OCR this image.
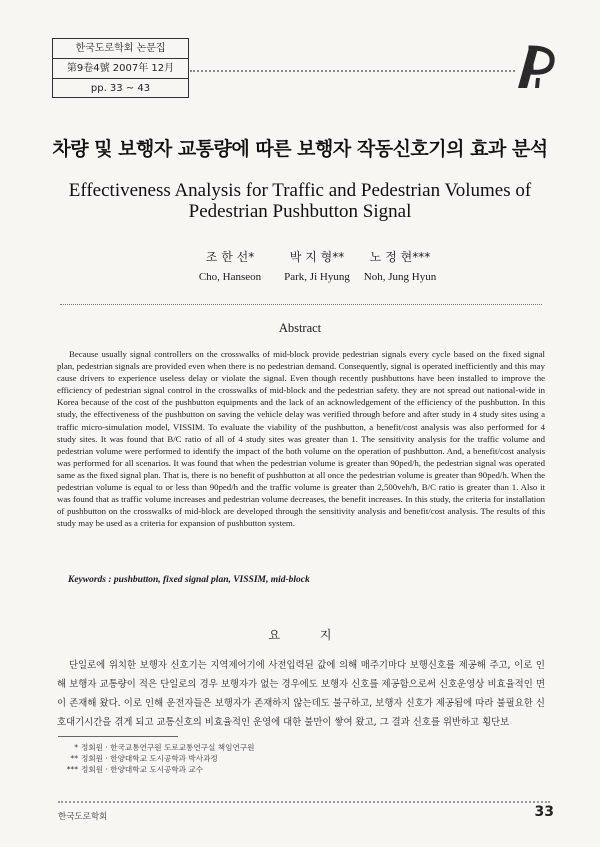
한국도로학회 논문집
第9卷4號 2007年 12月
pp. 33 ~ 43
차량 및 보행자 교통량에 따른 보행자 작동신호기의 효과 분석
Effectiveness Analysis for Traffic and Pedestrian Volumes of
Pedestrian Pushbutton Signal
조 한 선*
Cho, Hanseon
박 지 형**
Park, Ji Hyung
노 정 현***
Noh, Jung Hyun
Abstract

Because usually signal controllers on the crosswalks of mid-block provide pedestrian signals every cycle based on the fixed signal plan, pedestrian signals are provided even when there is no pedestrian demand. Consequently, signal is operated inefficiently and this may cause drivers to experience useless delay or violate the signal. Even though recently pushbuttons have been installed to improve the efficiency of pedestrian signal control in the crosswalks of mid-block and the pedestrian safety. they are not spread out national-wide in Korea because of the cost of the pushbutton equipments and the lack of an acknowledgement of the efficiency of the pushbutton. In this study, the effectiveness of the pushbutton on saving the vehicle delay was verified through before and after study in 4 study sites using a traffic micro-simulation model, VISSIM. To evaluate the viability of the pushbutton, a benefit/cost analysis was also performed for 4 study sites. It was found that B/C ratio of all of 4 study sites was greater than 1. The sensitivity analysis for the traffic volume and pedestrian volume were performed to identify the impact of the both volume on the operation of pushbutton. And, a benefit/cost analysis was performed for all scenarios. It was found that when the pedestrian volume is greater than 90ped/h, the pedestrian signal was operated same as the fixed signal plan. That is, there is no benefit of pushbutton at all once the pedestrian volume is greater than 90ped/h. When the pedestrian volume is equal to or less than 90ped/h and the traffic volume is greater than 2,500veh/h, B/C ratio is greater than 1. Also it was found that as traffic volume increases and pedestrian volume decreases, the benefit increases. In this study, the criteria for installation of pushbutton on the crosswalks of mid-block are developed through the sensitivity analysis and benefit/cost analysis. The results of this study may be used as a criteria for expansion of pushbutton system.

Keywords : pushbutton, fixed signal plan, VISSIM, mid-block
요 지

단일로에 위치한 보행자 신호기는 지역제어기에 사전입력된 값에 의해 매주기마다 보행신호를 제공해 주고, 이로 인해 보행자 교통량이 적은 단일로의 경우 보행자가 없는 경우에도 보행자 신호를 제공함으로써 신호운영상 비효율적인 면이 존재해 왔다. 이로 인해 운전자들은 보행자가 존재하지 않는데도 불구하고, 보행자 신호가 제공됨에 따라 불필요한 신호대기시간을 겪게 되고 교통신호의 비효율적인 운영에 대한 불만이 쌓여 왔고, 그 결과 신호를 위반하고 횡단보

* 정회원 · 한국교통연구원 도로교통연구실 책임연구원
** 정회원 · 한양대학교 도시공학과 박사과정
*** 정회원 · 한양대학교 도시공학과 교수
한국도로학회	33
